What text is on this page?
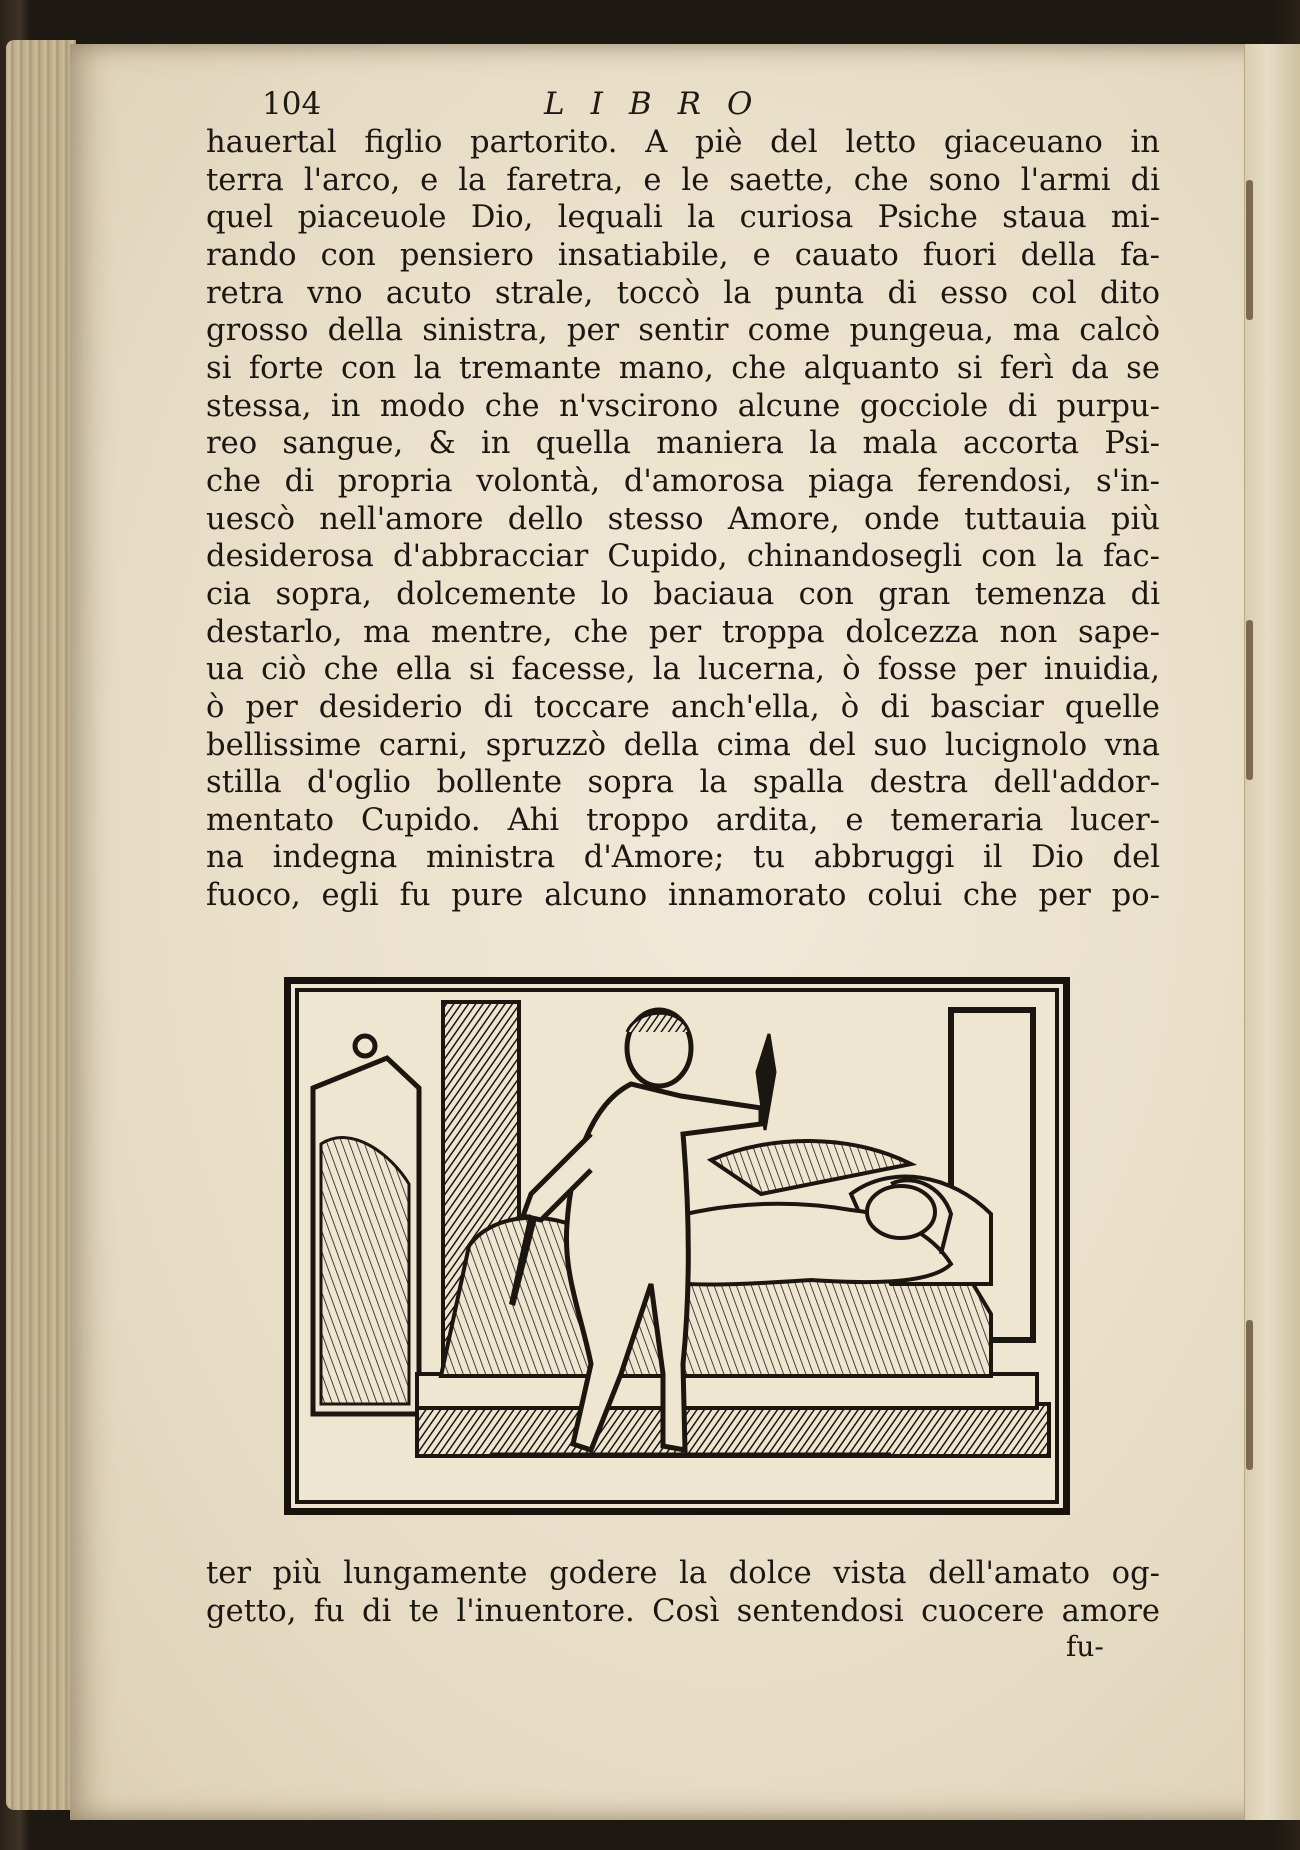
104	LIBRO
hauertal figlio partorito. A piè del letto giaceuano in
terra l'arco, e la faretra, e le saette, che sono l'armi di
quel piaceuole Dio, lequali la curiosa Psiche staua mi-
rando con pensiero insatiabile, e cauato fuori della fa-
retra vno acuto strale, toccò la punta di esso col dito
grosso della sinistra, per sentir come pungeua, ma calcò
si forte con la tremante mano, che alquanto si ferì da se
stessa, in modo che n'vscirono alcune gocciole di purpu-
reo sangue, & in quella maniera la mala accorta Psi-
che di propria volontà, d'amorosa piaga ferendosi, s'in-
uescò nell'amore dello stesso Amore, onde tuttauia più
desiderosa d'abbracciar Cupido, chinandosegli con la fac-
cia sopra, dolcemente lo baciaua con gran temenza di
destarlo, ma mentre, che per troppa dolcezza non sape-
ua ciò che ella si facesse, la lucerna, ò fosse per inuidia,
ò per desiderio di toccare anch'ella, ò di basciar quelle
bellissime carni, spruzzò della cima del suo lucignolo vna
stilla d'oglio bollente sopra la spalla destra dell'addor-
mentato Cupido. Ahi troppo ardita, e temeraria lucer-
na indegna ministra d'Amore; tu abbruggi il Dio del
fuoco, egli fu pure alcuno innamorato colui che per po-
ter più lungamente godere la dolce vista dell'amato og-
getto, fu di te l'inuentore. Così sentendosi cuocere amore
fu-
